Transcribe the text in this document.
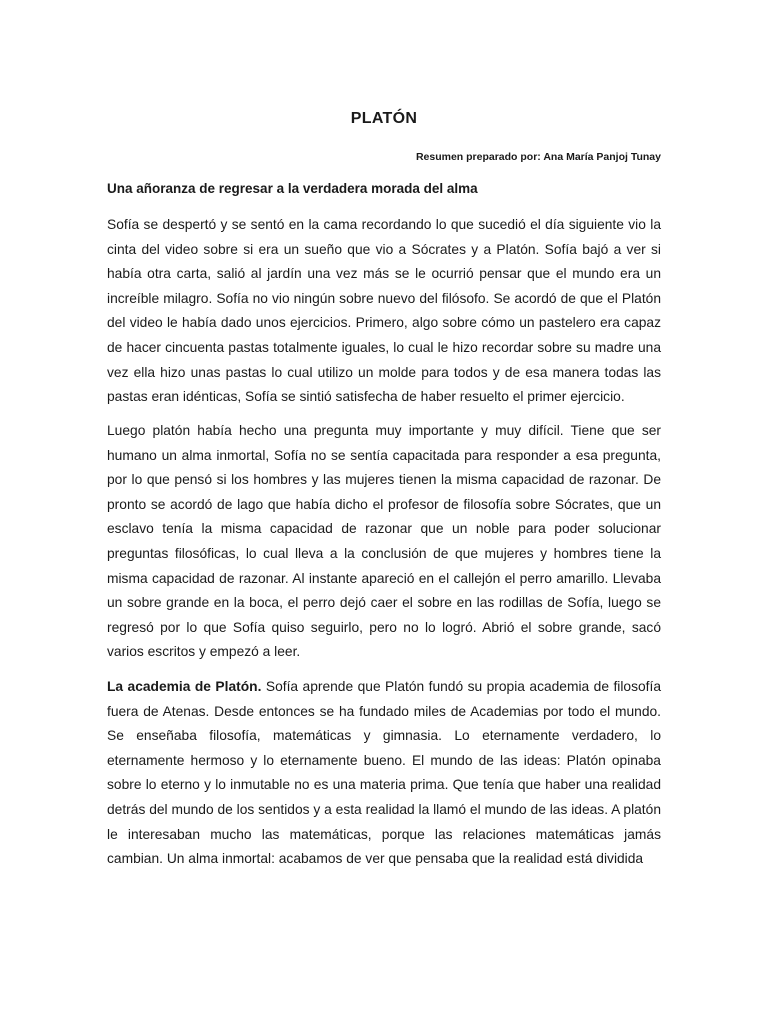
PLATÓN

Resumen preparado por: Ana María Panjoj Tunay

Una añoranza de regresar a la verdadera morada del alma

Sofía se despertó y se sentó en la cama recordando lo que sucedió el día siguiente vio la cinta del video sobre si era un sueño que vio a Sócrates y a Platón. Sofía bajó a ver si había otra carta, salió al jardín una vez más se le ocurrió pensar que el mundo era un increíble milagro. Sofía no vio ningún sobre nuevo del filósofo. Se acordó de que el Platón del video le había dado unos ejercicios. Primero, algo sobre cómo un pastelero era capaz de hacer cincuenta pastas totalmente iguales, lo cual le hizo recordar sobre su madre una vez ella hizo unas pastas lo cual utilizo un molde para todos y de esa manera todas las pastas eran idénticas, Sofía se sintió satisfecha de haber resuelto el primer ejercicio.

Luego platón había hecho una pregunta muy importante y muy difícil. Tiene que ser humano un alma inmortal, Sofía no se sentía capacitada para responder a esa pregunta, por lo que pensó si los hombres y las mujeres tienen la misma capacidad de razonar. De pronto se acordó de lago que había dicho el profesor de filosofía sobre Sócrates, que un esclavo tenía la misma capacidad de razonar que un noble para poder solucionar preguntas filosóficas, lo cual lleva a la conclusión de que mujeres y hombres tiene la misma capacidad de razonar. Al instante apareció en el callejón el perro amarillo. Llevaba un sobre grande en la boca, el perro dejó caer el sobre en las rodillas de Sofía, luego se regresó por lo que Sofía quiso seguirlo, pero no lo logró. Abrió el sobre grande, sacó varios escritos y empezó a leer.

La academia de Platón. Sofía aprende que Platón fundó su propia academia de filosofía fuera de Atenas. Desde entonces se ha fundado miles de Academias por todo el mundo. Se enseñaba filosofía, matemáticas y gimnasia. Lo eternamente verdadero, lo eternamente hermoso y lo eternamente bueno. El mundo de las ideas: Platón opinaba sobre lo eterno y lo inmutable no es una materia prima. Que tenía que haber una realidad detrás del mundo de los sentidos y a esta realidad la llamó el mundo de las ideas. A platón le interesaban mucho las matemáticas, porque las relaciones matemáticas jamás cambian. Un alma inmortal: acabamos de ver que pensaba que la realidad está dividida
